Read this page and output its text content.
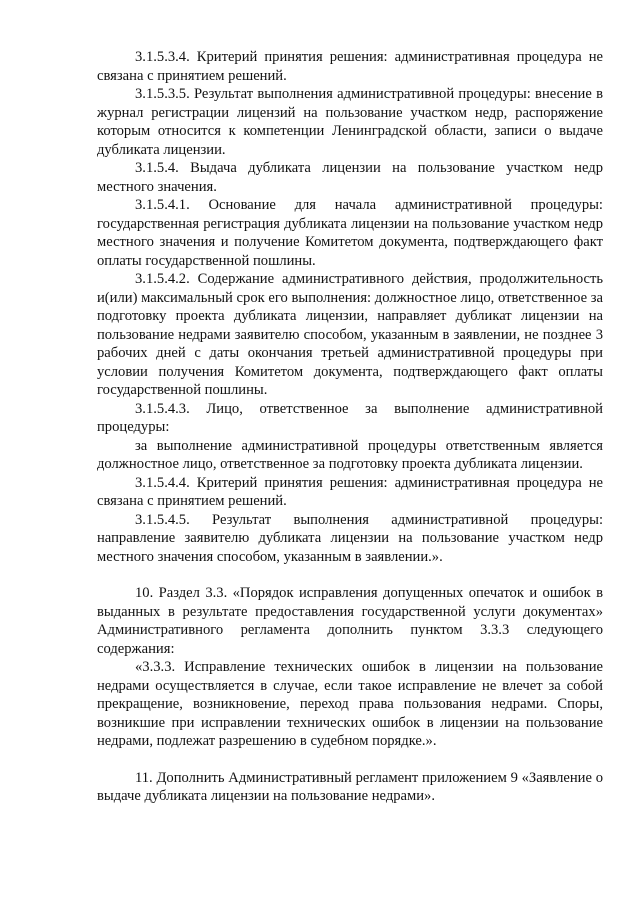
3.1.5.3.4. Критерий принятия решения: административная процедура не связана с принятием решений.

3.1.5.3.5. Результат выполнения административной процедуры: внесение в журнал регистрации лицензий на пользование участком недр, распоряжение которым относится к компетенции Ленинградской области, записи о выдаче дубликата лицензии.

3.1.5.4. Выдача дубликата лицензии на пользование участком недр местного значения.

3.1.5.4.1. Основание для начала административной процедуры: государственная регистрация дубликата лицензии на пользование участком недр местного значения и получение Комитетом документа, подтверждающего факт оплаты государственной пошлины.

3.1.5.4.2. Содержание административного действия, продолжительность и(или) максимальный срок его выполнения: должностное лицо, ответственное за подготовку проекта дубликата лицензии, направляет дубликат лицензии на пользование недрами заявителю способом, указанным в заявлении, не позднее 3 рабочих дней с даты окончания третьей административной процедуры при условии получения Комитетом документа, подтверждающего факт оплаты государственной пошлины.

3.1.5.4.3. Лицо, ответственное за выполнение административной процедуры:

за выполнение административной процедуры ответственным является должностное лицо, ответственное за подготовку проекта дубликата лицензии.

3.1.5.4.4. Критерий принятия решения: административная процедура не связана с принятием решений.

3.1.5.4.5. Результат выполнения административной процедуры: направление заявителю дубликата лицензии на пользование участком недр местного значения способом, указанным в заявлении.».

10. Раздел 3.3. «Порядок исправления допущенных опечаток и ошибок в выданных в результате предоставления государственной услуги документах» Административного регламента дополнить пунктом 3.3.3 следующего содержания:

«3.3.3. Исправление технических ошибок в лицензии на пользование недрами осуществляется в случае, если такое исправление не влечет за собой прекращение, возникновение, переход права пользования недрами. Споры, возникшие при исправлении технических ошибок в лицензии на пользование недрами, подлежат разрешению в судебном порядке.».

11. Дополнить Административный регламент приложением 9 «Заявление о выдаче дубликата лицензии на пользование недрами».
